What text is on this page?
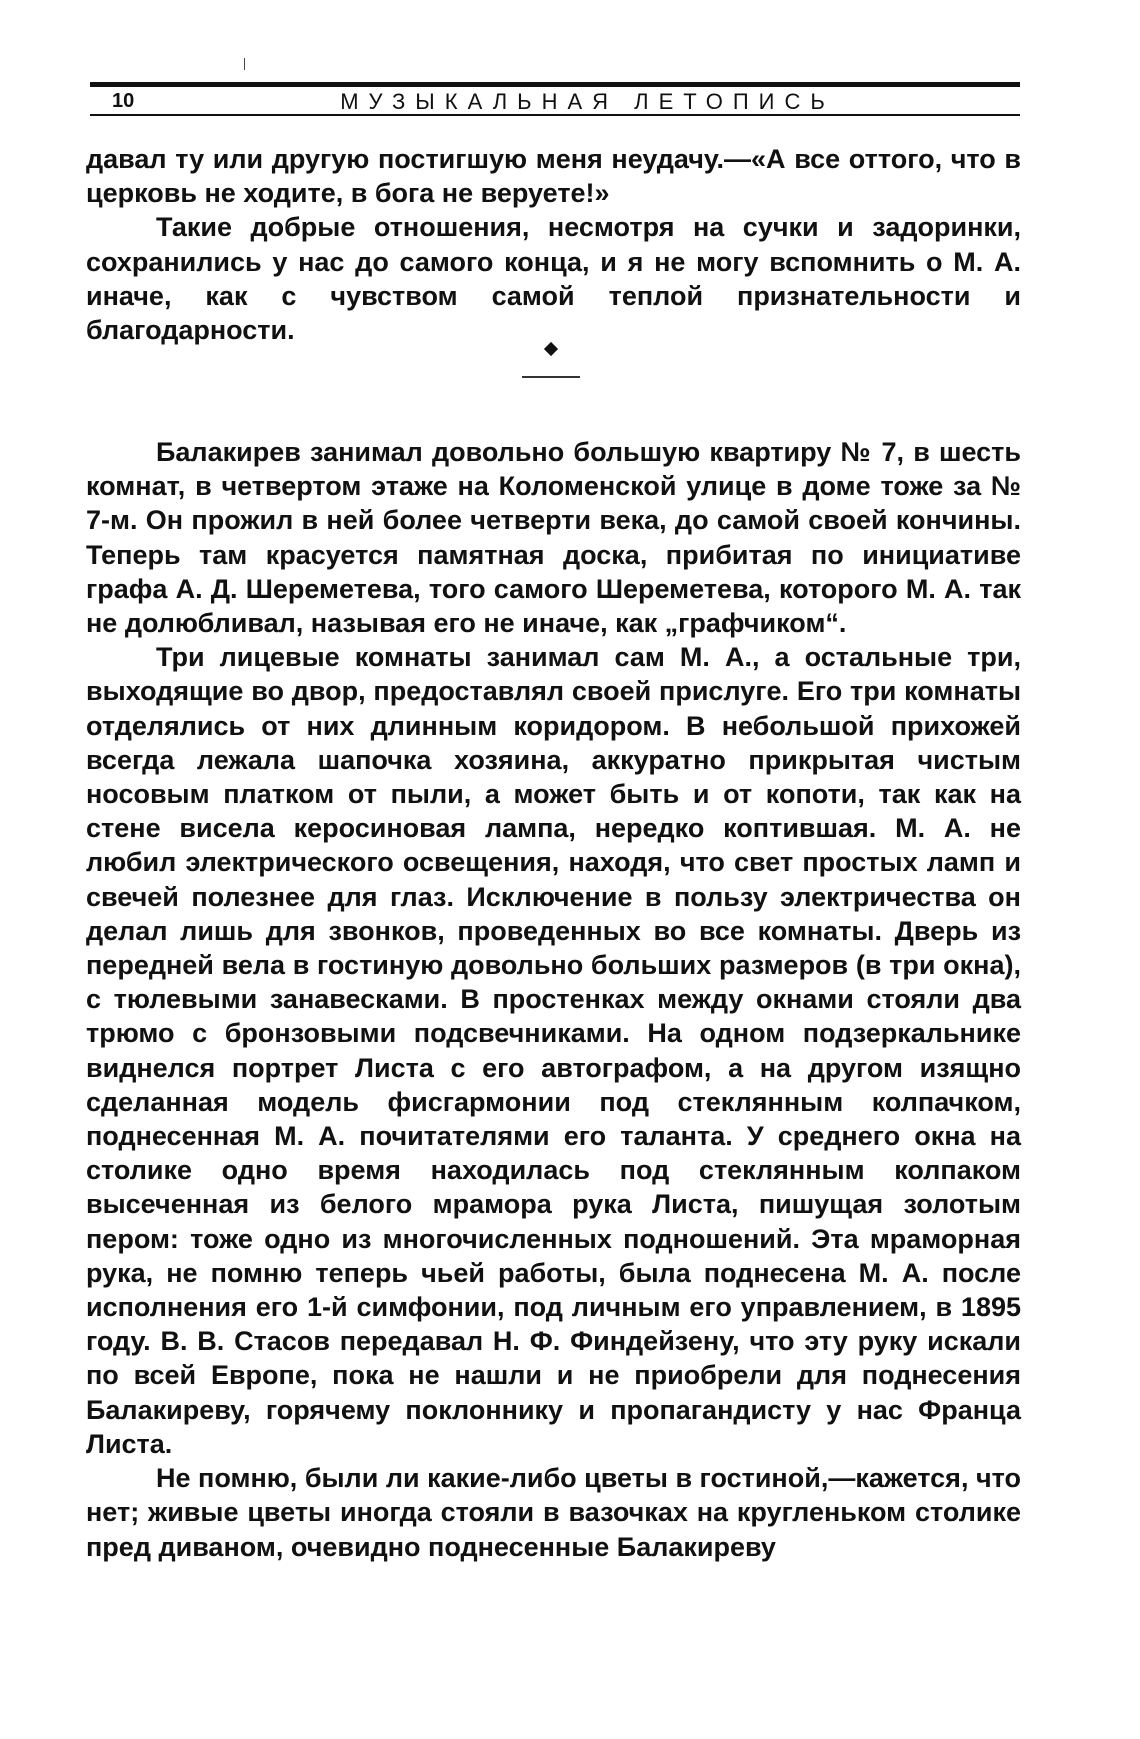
10	МУЗЫКАЛЬНАЯ ЛЕТОПИСЬ

давал ту или другую постигшую меня неудачу.—«А все оттого, что в церковь не ходите, в бога не веруете!»

Такие добрые отношения, несмотря на сучки и задоринки, сохранились у нас до самого конца, и я не могу вспомнить о М. А. иначе, как с чувством самой теплой признательности и благодарности.

Балакирев занимал довольно большую квартиру № 7, в шесть комнат, в четвертом этаже на Коломенской улице в доме тоже за № 7-м. Он прожил в ней более четверти века, до самой своей кончины. Теперь там красуется памятная доска, прибитая по инициативе графа А. Д. Шереметева, того самого Шереметева, которого М. А. так не долюбливал, называя его не иначе, как „графчиком“.

Три лицевые комнаты занимал сам М. А., а остальные три, выходящие во двор, предоставлял своей прислуге. Его три комнаты отделялись от них длинным коридором. В небольшой прихожей всегда лежала шапочка хозяина, аккуратно прикрытая чистым носовым платком от пыли, а может быть и от копоти, так как на стене висела керосиновая лампа, нередко коптившая. М. А. не любил электрического освещения, находя, что свет простых ламп и свечей полезнее для глаз. Исключение в пользу электричества он делал лишь для звонков, проведенных во все комнаты. Дверь из передней вела в гостиную довольно больших размеров (в три окна), с тюлевыми занавесками. В простенках между окнами стояли два трюмо с бронзовыми подсвечниками. На одном подзеркальнике виднелся портрет Листа с его автографом, а на другом изящно сделанная модель фисгармонии под стеклянным колпачком, поднесенная М. А. почитателями его таланта. У среднего окна на столике одно время находилась под стеклянным колпаком высеченная из белого мрамора рука Листа, пишущая золотым пером: тоже одно из многочисленных подношений. Эта мраморная рука, не помню теперь чьей работы, была поднесена М. А. после исполнения его 1-й симфонии, под личным его управлением, в 1895 году. В. В. Стасов передавал Н. Ф. Финдейзену, что эту руку искали по всей Европе, пока не нашли и не приобрели для поднесения Балакиреву, горячему поклоннику и пропагандисту у нас Франца Листа.

Не помню, были ли какие-либо цветы в гостиной,—кажется, что нет; живые цветы иногда стояли в вазочках на кругленьком столике пред диваном, очевидно поднесенные Балакиреву
